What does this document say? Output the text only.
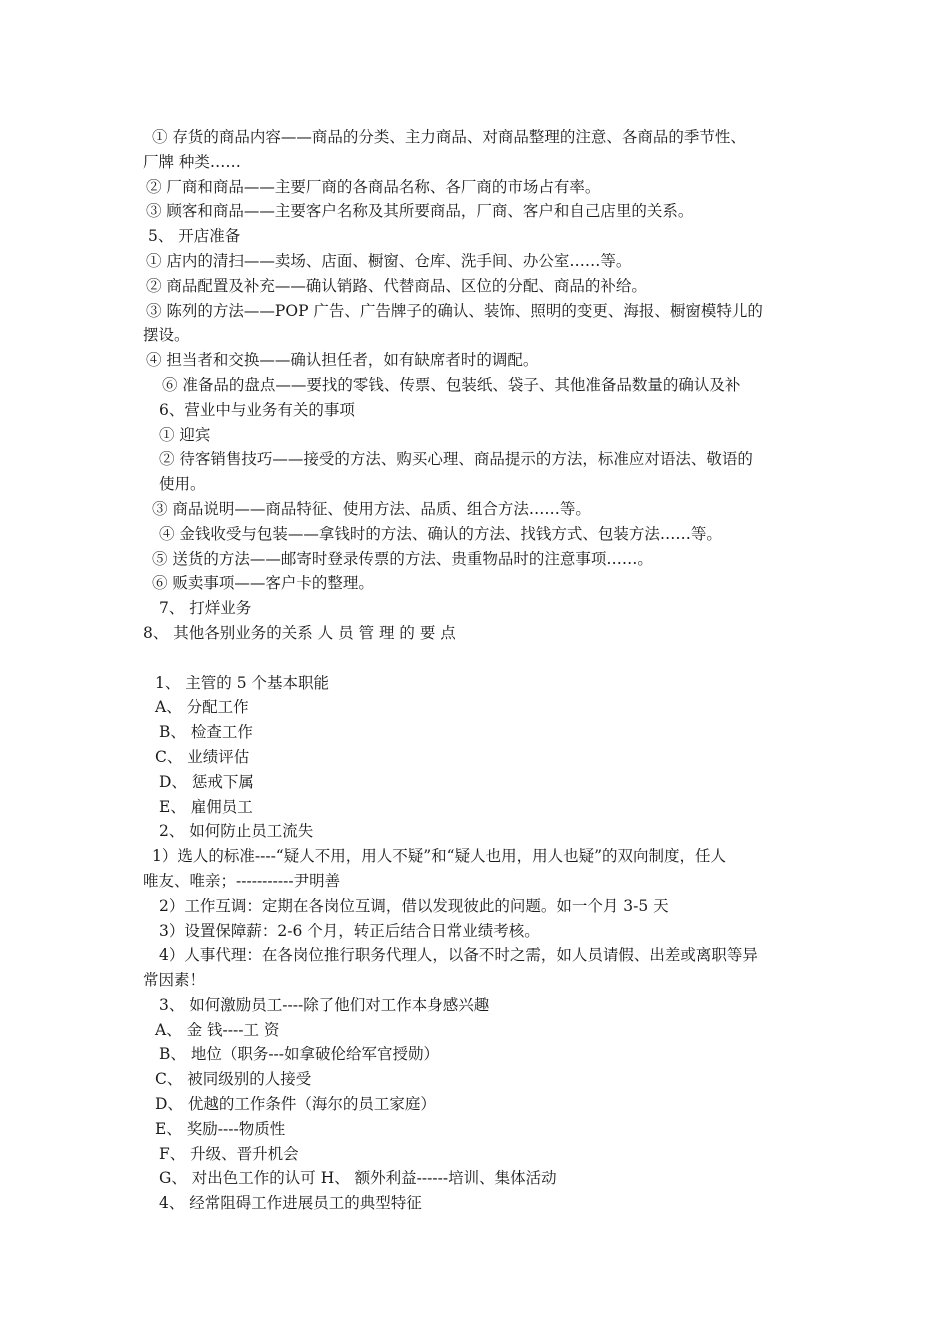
① 存货的商品内容——商品的分类、主力商品、对商品整理的注意、各商品的季节性、
厂牌 种类……
② 厂商和商品——主要厂商的各商品名称、各厂商的市场占有率。
③ 顾客和商品——主要客户名称及其所要商品，厂商、客户和自己店里的关系。
5、 开店准备
① 店内的清扫——卖场、店面、橱窗、仓库、洗手间、办公室……等。
② 商品配置及补充——确认销路、代替商品、区位的分配、商品的补给。
③ 陈列的方法——POP 广告、广告牌子的确认、装饰、照明的变更、海报、橱窗模特儿的
摆设。
④ 担当者和交换——确认担任者，如有缺席者时的调配。
⑥ 准备品的盘点——要找的零钱、传票、包装纸、袋子、其他准备品数量的确认及补
6、营业中与业务有关的事项
① 迎宾
② 待客销售技巧——接受的方法、购买心理、商品提示的方法，标准应对语法、敬语的
使用。
③ 商品说明——商品特征、使用方法、品质、组合方法……等。
④ 金钱收受与包装——拿钱时的方法、确认的方法、找钱方式、包装方法……等。
⑤ 送货的方法——邮寄时登录传票的方法、贵重物品时的注意事项……。
⑥ 贩卖事项——客户卡的整理。
7、 打烊业务
8、 其他各别业务的关系 人 员 管 理 的 要 点
1、 主管的 5 个基本职能
A、 分配工作
B、 检查工作
C、 业绩评估
D、 惩戒下属
E、 雇佣员工
2、 如何防止员工流失
1）选人的标准----“疑人不用，用人不疑”和“疑人也用，用人也疑”的双向制度，任人
唯友、唯亲；-----------尹明善
2）工作互调：定期在各岗位互调，借以发现彼此的问题。如一个月 3-5 天
3）设置保障薪：2-6 个月，转正后结合日常业绩考核。
4）人事代理：在各岗位推行职务代理人，以备不时之需，如人员请假、出差或离职等异
常因素！
3、 如何激励员工----除了他们对工作本身感兴趣
A、 金 钱----工 资
B、 地位（职务---如拿破伦给军官授勋）
C、 被同级别的人接受
D、 优越的工作条件（海尔的员工家庭）
E、 奖励----物质性
F、 升级、晋升机会
G、 对出色工作的认可 H、 额外利益------培训、集体活动
4、 经常阻碍工作进展员工的典型特征
